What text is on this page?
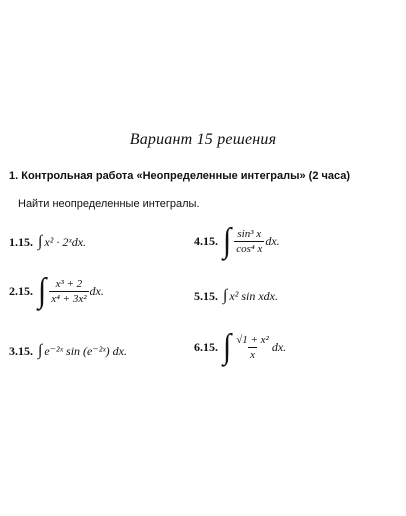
Вариант 15 решения
1. Контрольная работа «Неопределенные интегралы» (2 часа)
Найти неопределенные интегралы.
1.15. ∫ x² · 2ˣdx.
2.15. ∫ $\frac{\text{x³ + 2}}{\text{x⁴ + 3x²}}$ dx.
3.15. ∫ e⁻²ˣ sin (e⁻²ˣ) dx.
4.15. ∫ $\frac{\text{sin³ x}}{\text{cos⁴ x}}$ dx.
5.15. ∫ x² sin xdx.
6.15. ∫ $\frac{\text{√1 + x²}}{x}$ dx.
